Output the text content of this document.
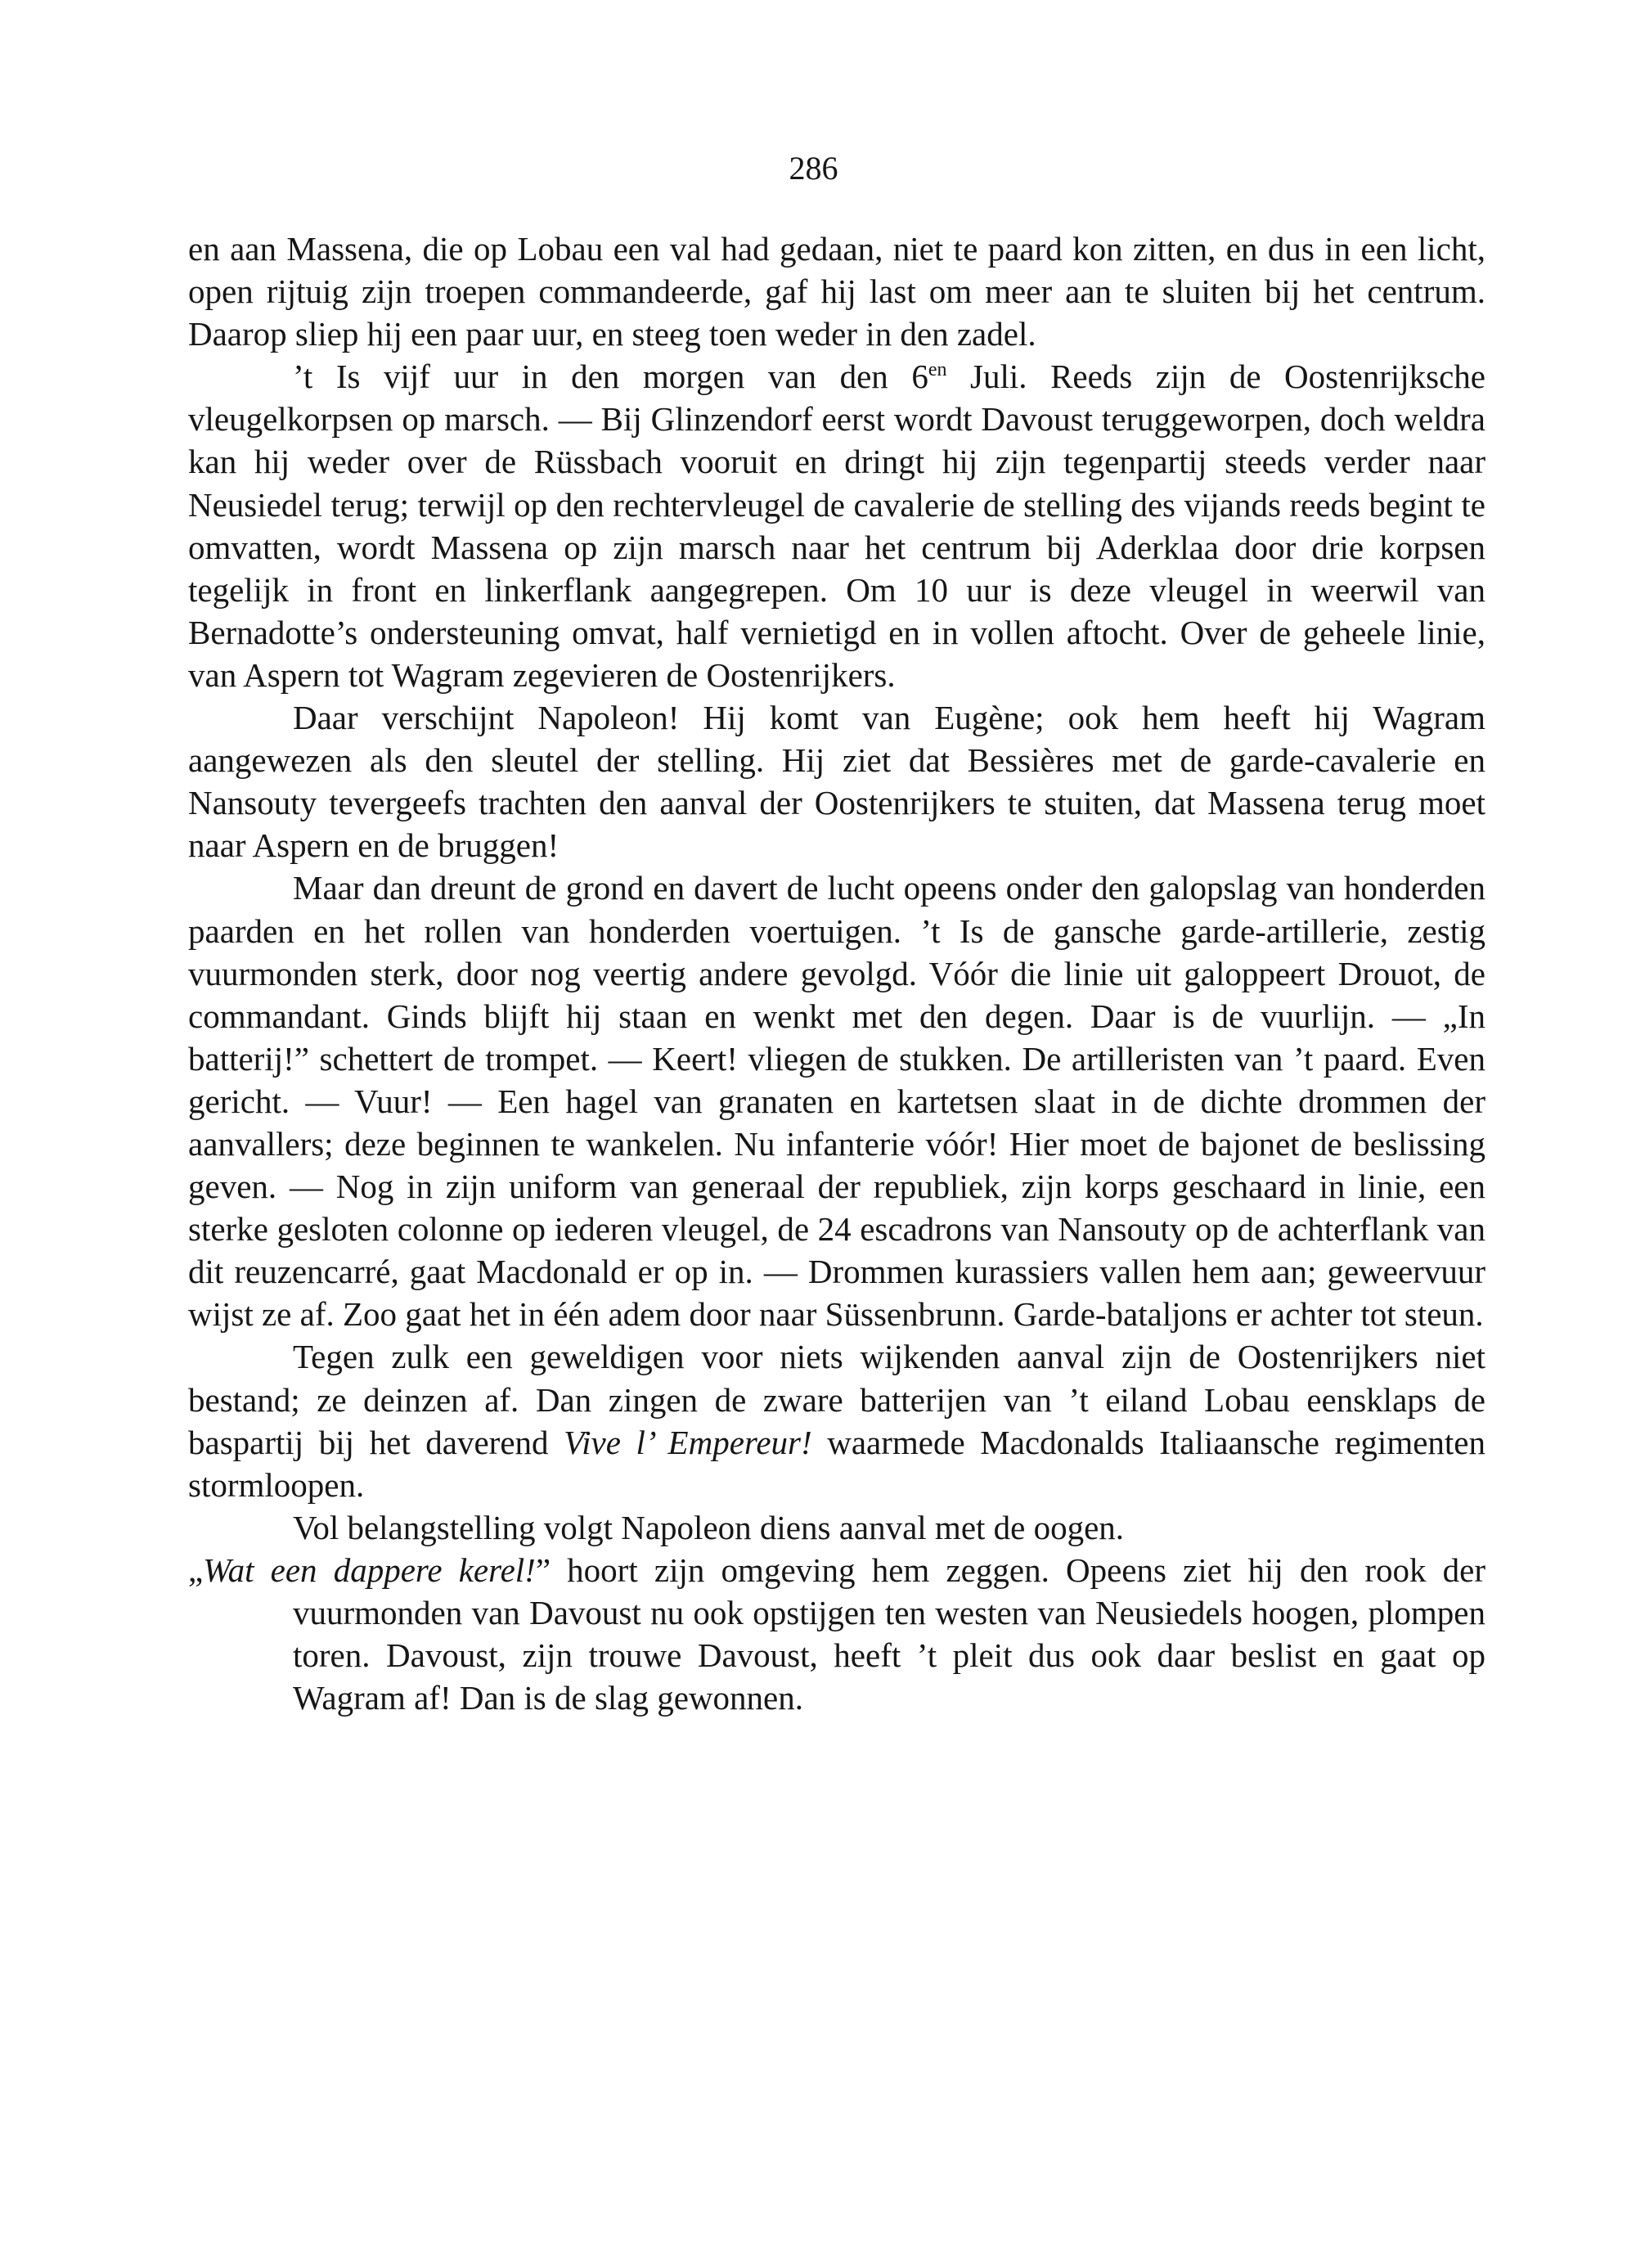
286

en aan Massena, die op Lobau een val had gedaan, niet te paard kon zitten, en dus in een licht, open rijtuig zijn troepen commandeerde, gaf hij last om meer aan te sluiten bij het centrum. Daarop sliep hij een paar uur, en steeg toen weder in den zadel.

’t Is vijf uur in den morgen van den $6^{en}$ Juli. Reeds zijn de Oostenrijksche vleugelkorpsen op marsch. — Bij Glinzendorf eerst wordt Davoust teruggeworpen, doch weldra kan hij weder over de Rüssbach vooruit en dringt hij zijn tegenpartij steeds verder naar Neusiedel terug; terwijl op den rechtervleugel de cavalerie de stelling des vijands reeds begint te omvatten, wordt Massena op zijn marsch naar het centrum bij Aderklaa door drie korpsen tegelijk in front en linkerflank aangegrepen. Om 10 uur is deze vleugel in weerwil van Bernadotte’s ondersteuning omvat, half vernietigd en in vollen aftocht. Over de geheele linie, van Aspern tot Wagram zegevieren de Oostenrijkers.

Daar verschijnt Napoleon! Hij komt van Eugène; ook hem heeft hij Wagram aangewezen als den sleutel der stelling. Hij ziet dat Bessières met de garde-cavalerie en Nansouty tevergeefs trachten den aanval der Oostenrijkers te stuiten, dat Massena terug moet naar Aspern en de bruggen!

Maar dan dreunt de grond en davert de lucht opeens onder den galopslag van honderden paarden en het rollen van honderden voertuigen. ’t Is de gansche garde-artillerie, zestig vuurmonden sterk, door nog veertig andere gevolgd. Vóór die linie uit galoppeert Drouot, de commandant. Ginds blijft hij staan en wenkt met den degen. Daar is de vuurlijn. — „In batterij!” schettert de trompet. — Keert! vliegen de stukken. De artilleristen van ’t paard. Even gericht. — Vuur! — Een hagel van granaten en kartetsen slaat in de dichte drommen der aanvallers; deze beginnen te wankelen. Nu infanterie vóór! Hier moet de bajonet de beslissing geven. — Nog in zijn uniform van generaal der republiek, zijn korps geschaard in linie, een sterke gesloten colonne op iederen vleugel, de 24 escadrons van Nansouty op de achterflank van dit reuzencarré, gaat Macdonald er op in. — Drommen kurassiers vallen hem aan; geweervuur wijst ze af. Zoo gaat het in één adem door naar Süssenbrunn. Garde-bataljons er achter tot steun.

Tegen zulk een geweldigen voor niets wijkenden aanval zijn de Oostenrijkers niet bestand; ze deinzen af. Dan zingen de zware batterijen van ’t eiland Lobau eensklaps de baspartij bij het daverend Vive l’ Empereur! waarmede Macdonalds Italiaansche regimenten stormloopen.

Vol belangstelling volgt Napoleon diens aanval met de oogen.

„Wat een dappere kerel!” hoort zijn omgeving hem zeggen. Opeens ziet hij den rook der vuurmonden van Davoust nu ook opstijgen ten westen van Neusiedels hoogen, plompen toren. Davoust, zijn trouwe Davoust, heeft ’t pleit dus ook daar beslist en gaat op Wagram af! Dan is de slag gewonnen.
